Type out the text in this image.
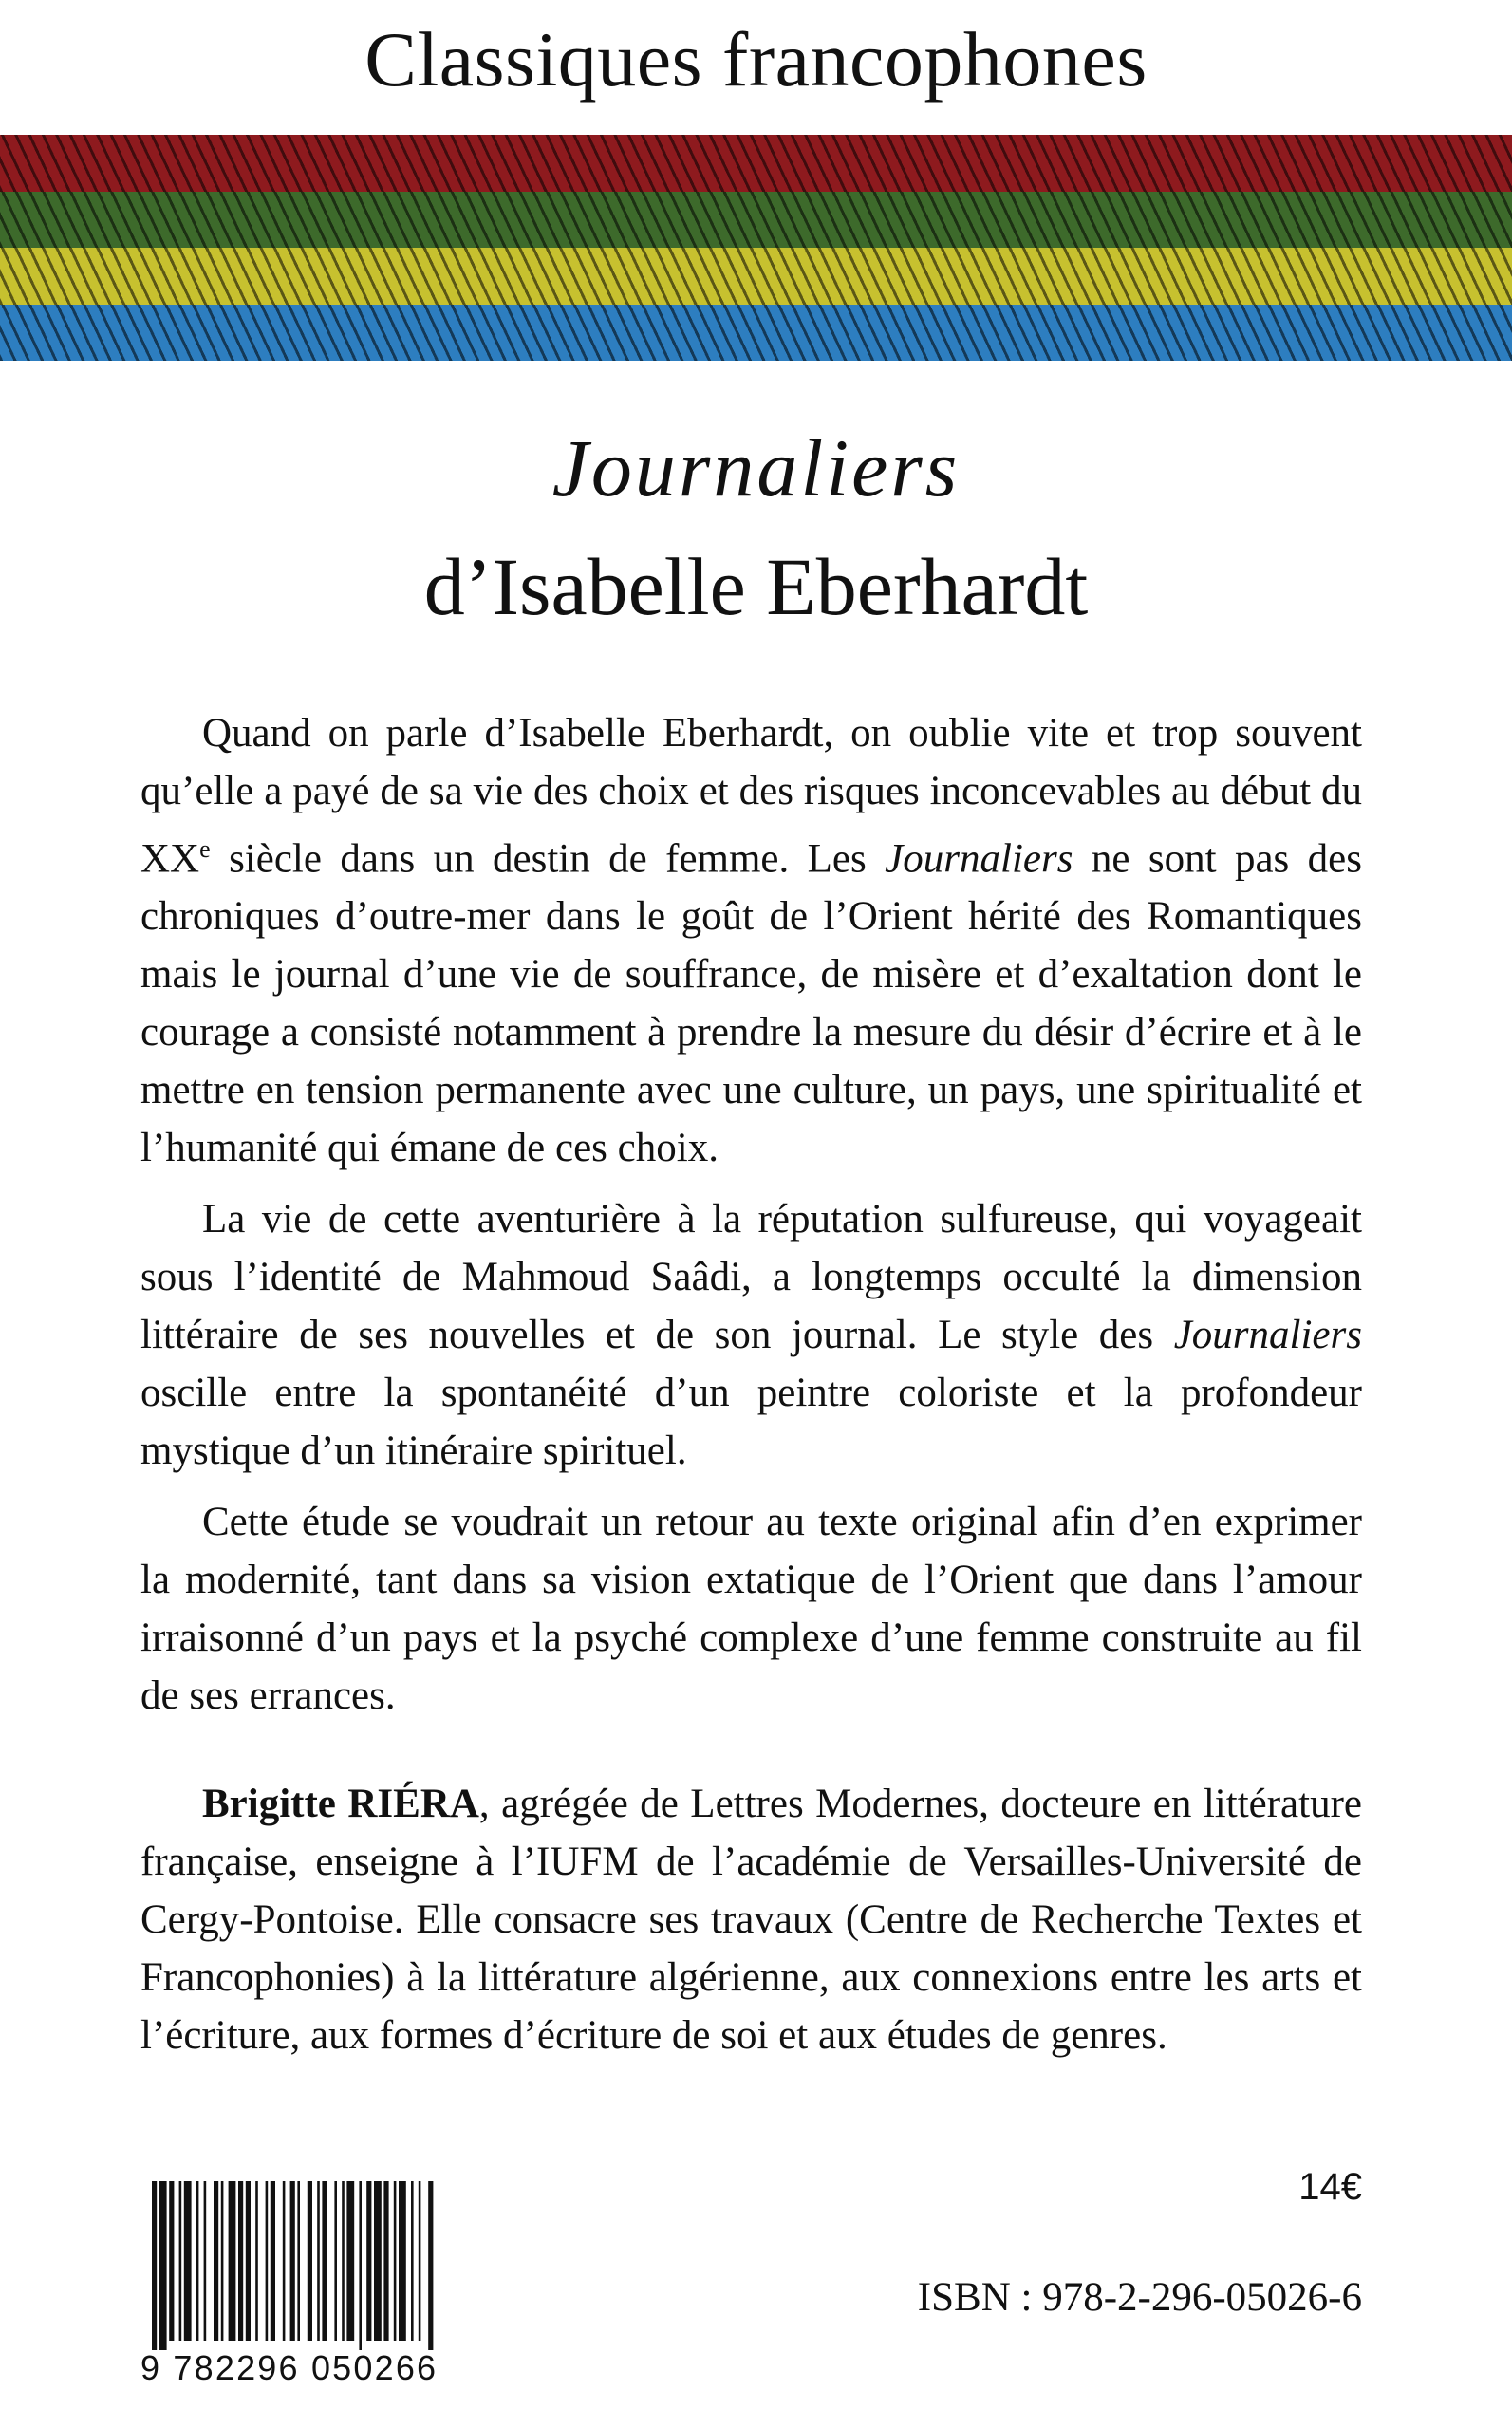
Classiques francophones
Journaliers
d’Isabelle Eberhardt

Quand on parle d’Isabelle Eberhardt, on oublie vite et trop souvent qu’elle a payé de sa vie des choix et des risques inconcevables au début du XXe siècle dans un destin de femme. Les Journaliers ne sont pas des chroniques d’outre-mer dans le goût de l’Orient hérité des Romantiques mais le journal d’une vie de souffrance, de misère et d’exaltation dont le courage a consisté notamment à prendre la mesure du désir d’écrire et à le mettre en tension permanente avec une culture, un pays, une spiritualité et l’humanité qui émane de ces choix.

La vie de cette aventurière à la réputation sulfureuse, qui voyageait sous l’identité de Mahmoud Saâdi, a longtemps occulté la dimension littéraire de ses nouvelles et de son journal. Le style des Journaliers oscille entre la spontanéité d’un peintre coloriste et la profondeur mystique d’un itinéraire spirituel.

Cette étude se voudrait un retour au texte original afin d’en exprimer la modernité, tant dans sa vision extatique de l’Orient que dans l’amour irraisonné d’un pays et la psyché complexe d’une femme construite au fil de ses errances.

Brigitte RIÉRA, agrégée de Lettres Modernes, docteure en littérature française, enseigne à l’IUFM de l’académie de Versailles-Université de Cergy-Pontoise. Elle consacre ses travaux (Centre de Recherche Textes et Francophonies) à la littérature algérienne, aux connexions entre les arts et l’écriture, aux formes d’écriture de soi et aux études de genres.

9 782296 050266
14€
ISBN : 978-2-296-05026-6
